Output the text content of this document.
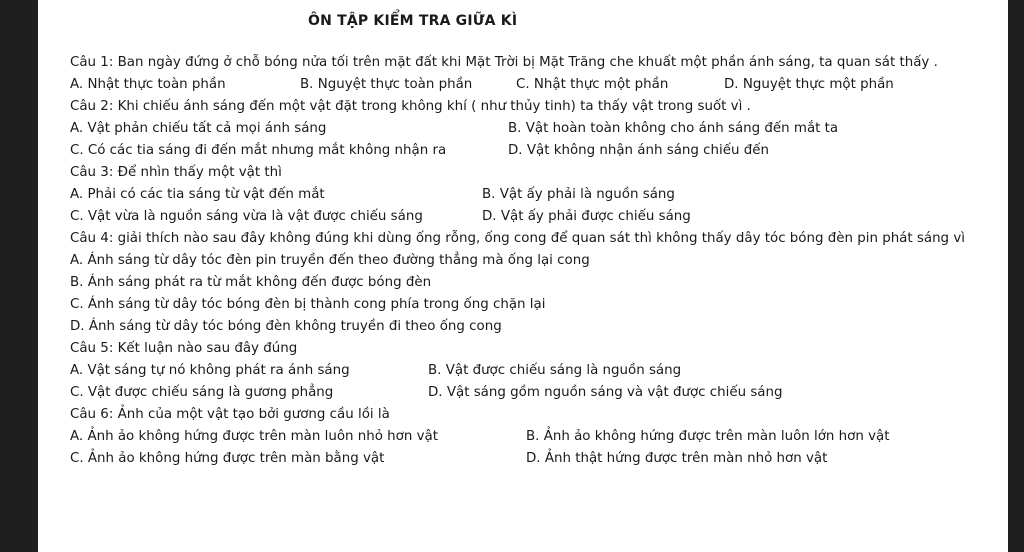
ÔN TẬP KIỂM TRA GIỮA KÌ
Câu 1: Ban ngày đứng ở chỗ bóng nửa tối trên mặt đất khi Mặt Trời bị Mặt Trăng che khuất một phần ánh sáng, ta quan sát thấy .
A. Nhật thực toàn phần	B. Nguyệt thực toàn phần	C. Nhật thực một phần	D. Nguyệt thực một phần
Câu 2: Khi chiếu ánh sáng đến một vật đặt trong không khí ( như thủy tinh) ta thấy vật trong suốt vì .
A. Vật phản chiếu tất cả mọi ánh sáng	B. Vật hoàn toàn không cho ánh sáng đến mắt ta
C. Có các tia sáng đi đến mắt nhưng mắt không nhận ra	D. Vật không nhận ánh sáng chiếu đến
Câu 3: Để nhìn thấy một vật thì
A. Phải có các tia sáng từ vật đến mắt	B. Vật ấy phải là nguồn sáng
C. Vật vừa là nguồn sáng vừa là vật được chiếu sáng	D. Vật ấy phải được chiếu sáng
Câu 4: giải thích nào sau đây không đúng khi dùng ống rỗng, ống cong để quan sát thì không thấy dây tóc bóng đèn pin phát sáng vì
A. Ánh sáng từ dây tóc đèn pin truyền đến theo đường thẳng mà ống lại cong
B. Ánh sáng phát ra từ mắt không đến được bóng đèn
C. Ánh sáng từ dây tóc bóng đèn bị thành cong phía trong ống chặn lại
D. Ánh sáng từ dây tóc bóng đèn không truyền đi theo ống cong
Câu 5: Kết luận nào sau đây đúng
A. Vật sáng tự nó không phát ra ánh sáng	B. Vật được chiếu sáng là nguồn sáng
C. Vật được chiếu sáng là gương phẳng	D. Vật sáng gồm nguồn sáng và vật được chiếu sáng
Câu 6: Ảnh của một vật tạo bởi gương cầu lồi là
A. Ảnh ảo không hứng được trên màn luôn nhỏ hơn vật	B. Ảnh ảo không hứng được trên màn luôn lớn hơn vật
C. Ảnh ảo không hứng được trên màn bằng vật	D. Ảnh thật hứng được trên màn nhỏ hơn vật
